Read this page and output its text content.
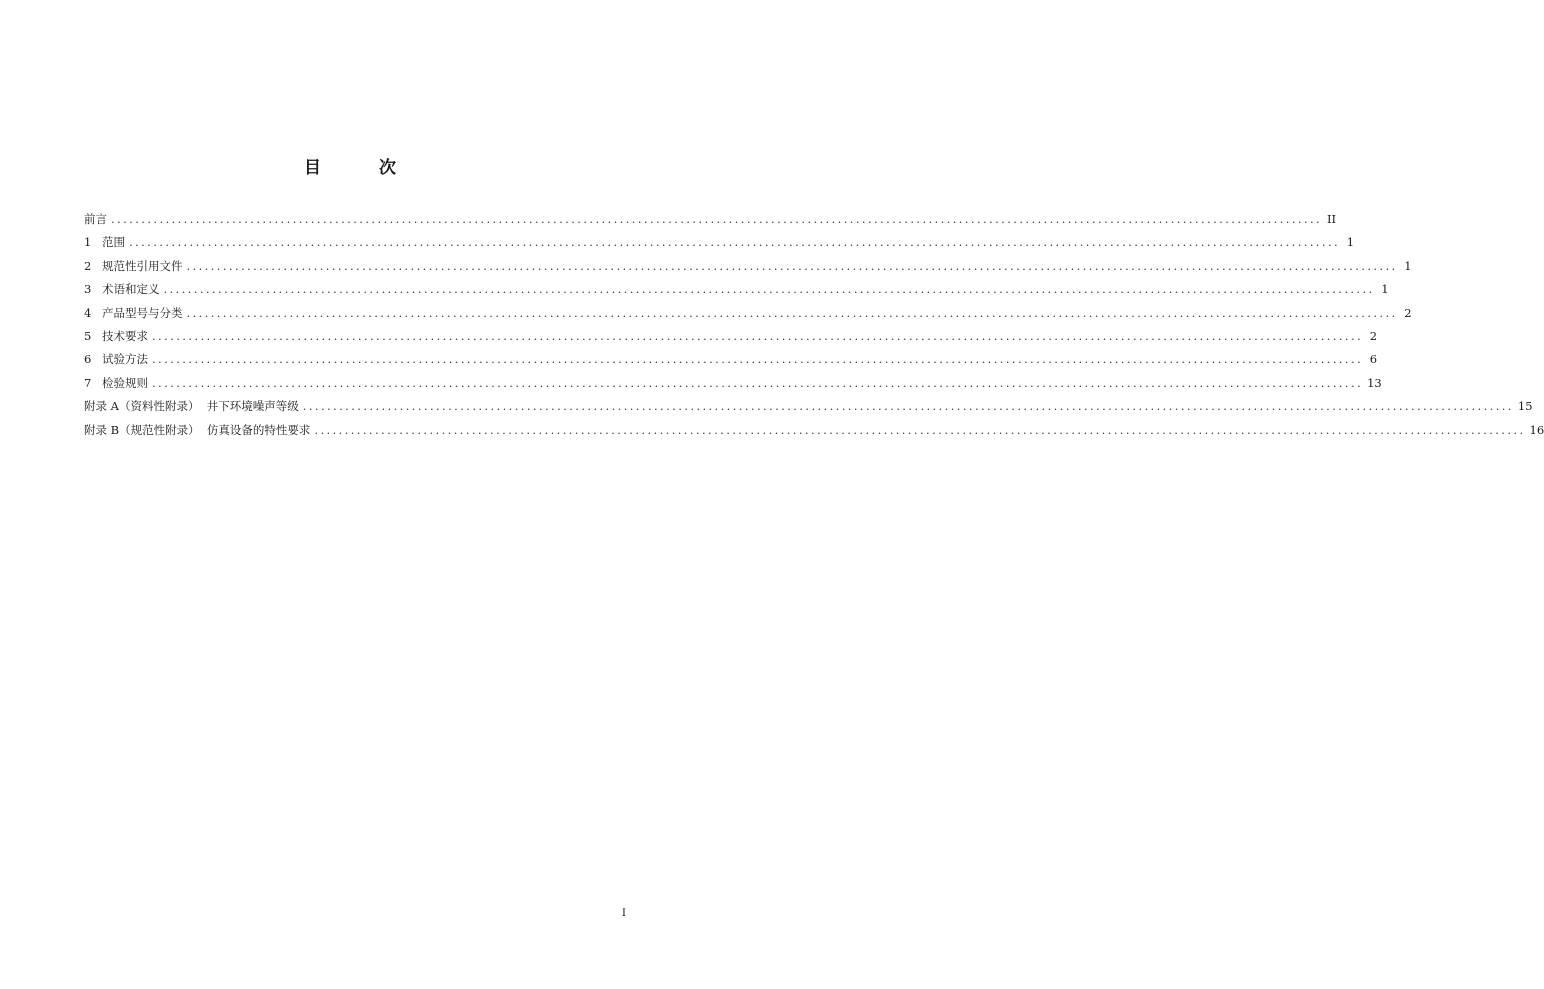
目 次
前言 ........................................................................................................................................................................................................ II
1 范围 ........................................................................................................................................................................................................ 1
2 规范性引用文件 ........................................................................................................................................................................................................ 1
3 术语和定义 ........................................................................................................................................................................................................ 1
4 产品型号与分类 ........................................................................................................................................................................................................ 2
5 技术要求 ........................................................................................................................................................................................................ 2
6 试验方法 ........................................................................................................................................................................................................ 6
7 检验规则 ........................................................................................................................................................................................................ 13
附录 A（资料性附录）  井下环境噪声等级 ........................................................................................................................................................................................................ 15
附录 B（规范性附录）  仿真设备的特性要求 ........................................................................................................................................................................................................ 16
I
